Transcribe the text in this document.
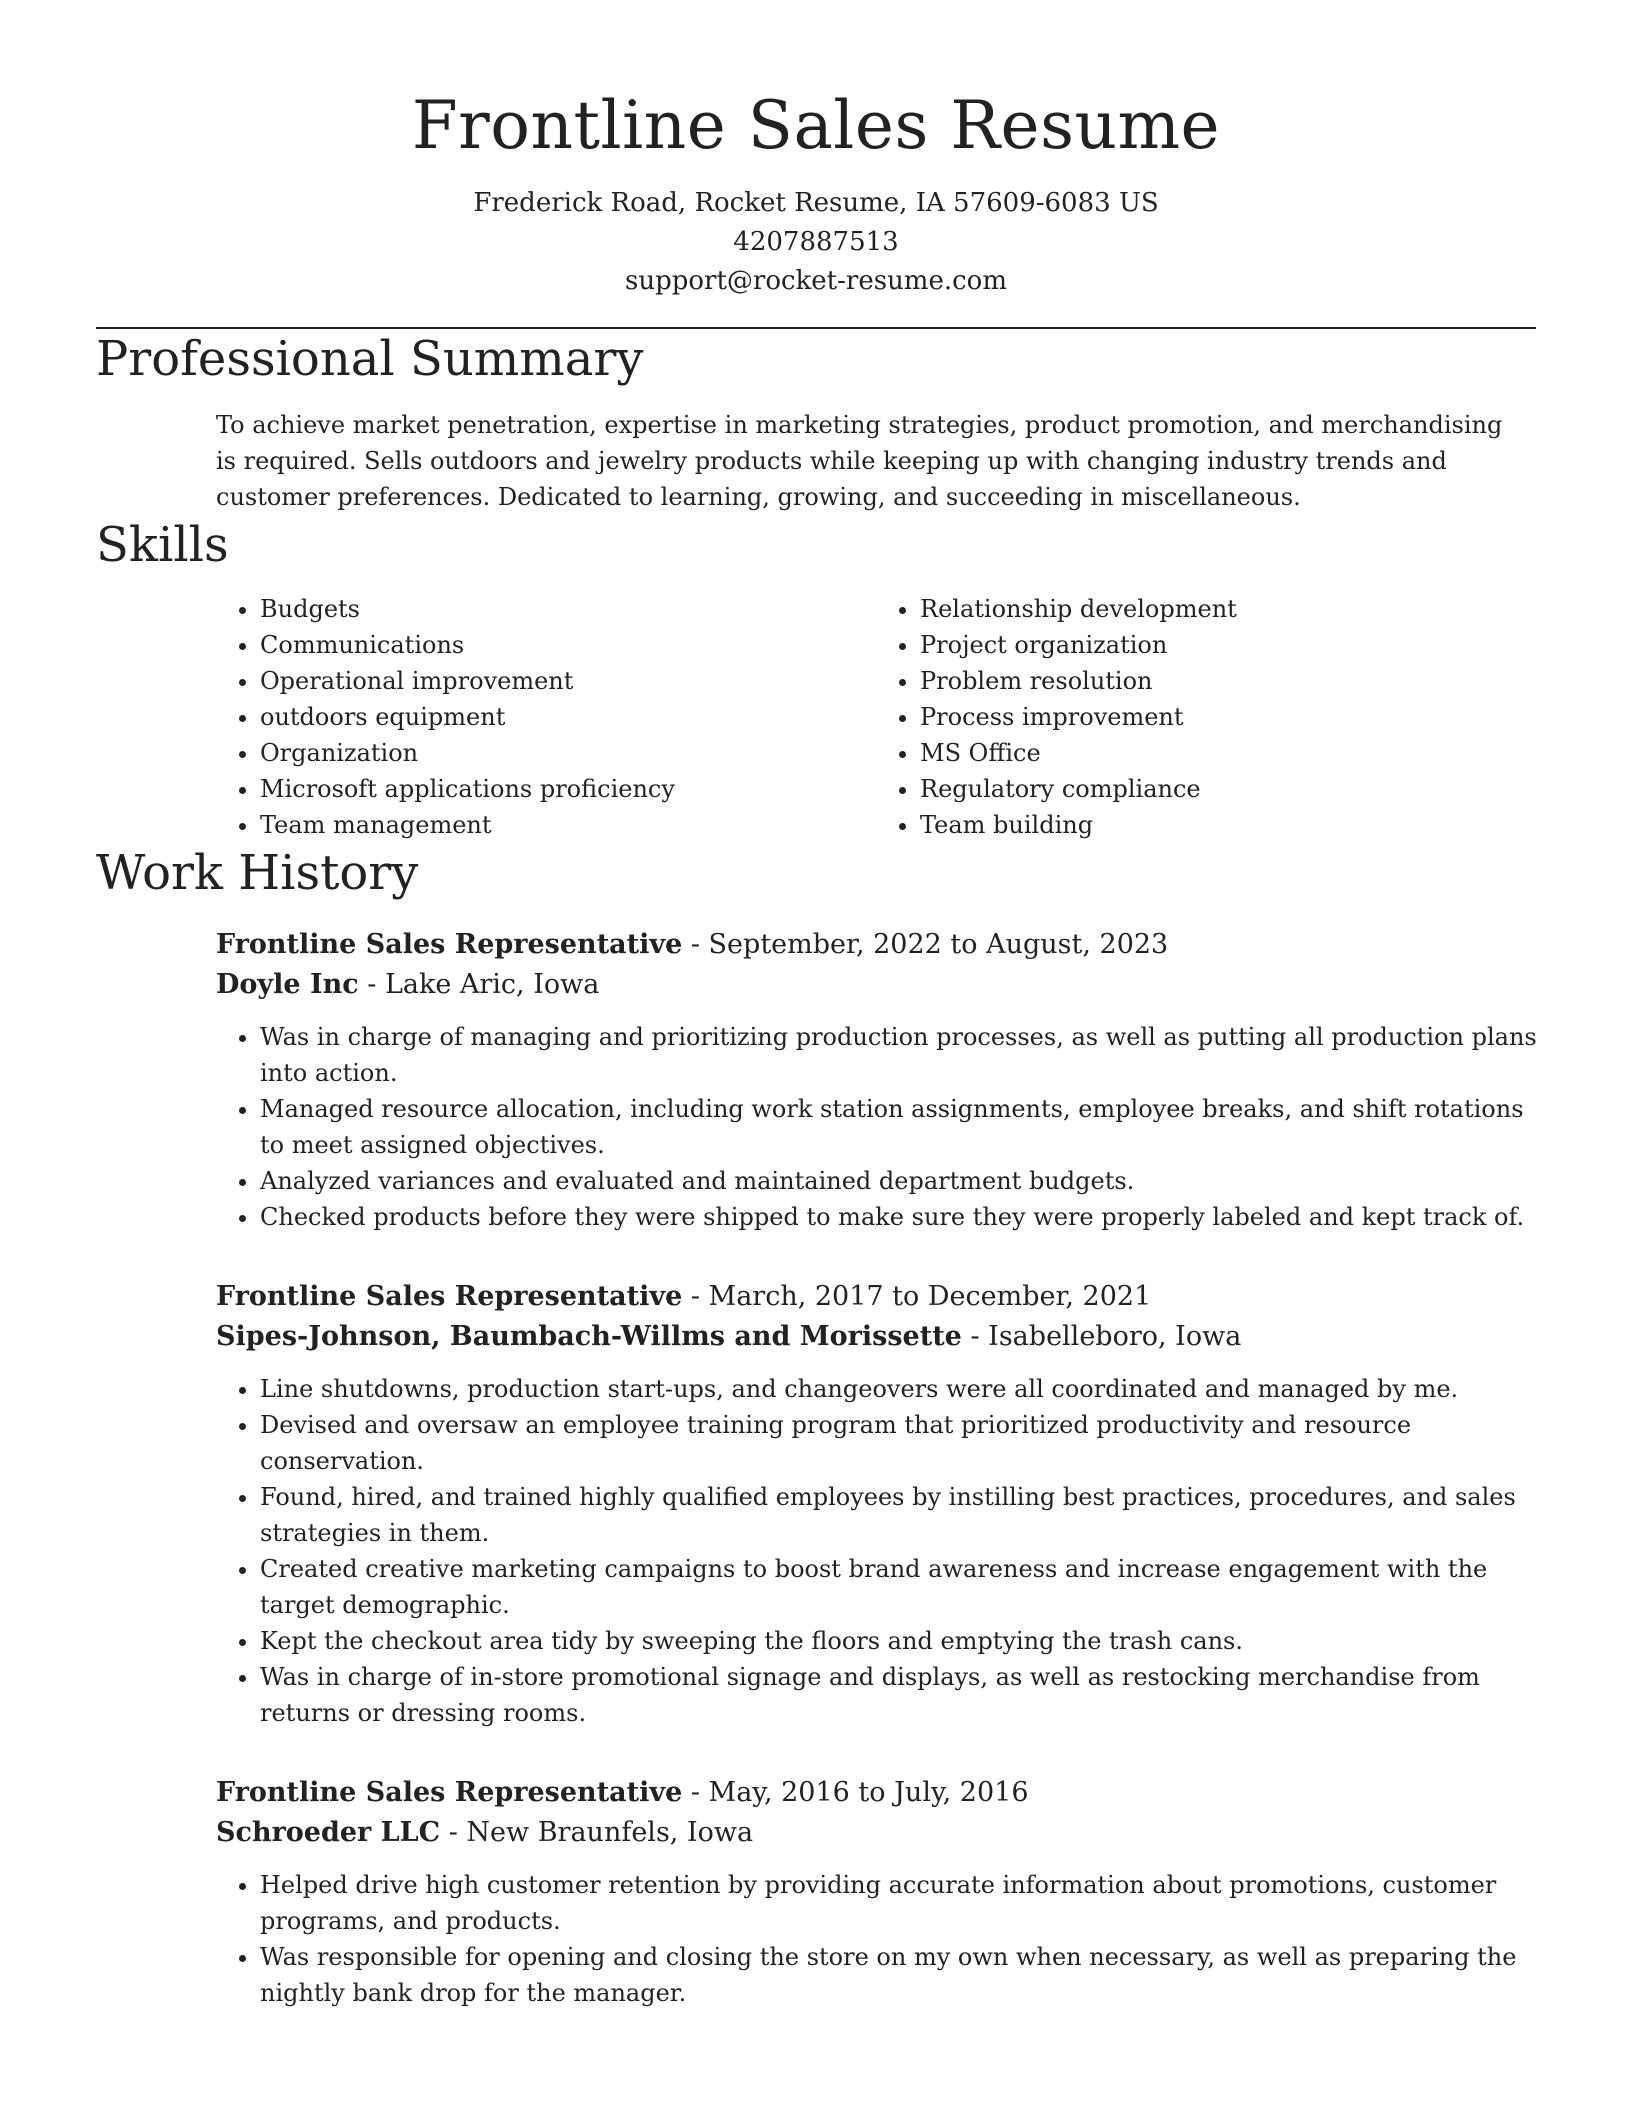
Frontline Sales Resume
Frederick Road, Rocket Resume, IA 57609-6083 US
4207887513
support@rocket-resume.com
Professional Summary

To achieve market penetration, expertise in marketing strategies, product promotion, and merchandising is required. Sells outdoors and jewelry products while keeping up with changing industry trends and customer preferences. Dedicated to learning, growing, and succeeding in miscellaneous.

Skills
• Budgets
• Communications
• Operational improvement
• outdoors equipment
• Organization
• Microsoft applications proficiency
• Team management
• Relationship development
• Project organization
• Problem resolution
• Process improvement
• MS Office
• Regulatory compliance
• Team building
Work History
Frontline Sales Representative - September, 2022 to August, 2023
Doyle Inc - Lake Aric, Iowa
• Was in charge of managing and prioritizing production processes, as well as putting all production plans into action.
• Managed resource allocation, including work station assignments, employee breaks, and shift rotations to meet assigned objectives.
• Analyzed variances and evaluated and maintained department budgets.
• Checked products before they were shipped to make sure they were properly labeled and kept track of.
Frontline Sales Representative - March, 2017 to December, 2021
Sipes-Johnson, Baumbach-Willms and Morissette - Isabelleboro, Iowa
• Line shutdowns, production start-ups, and changeovers were all coordinated and managed by me.
• Devised and oversaw an employee training program that prioritized productivity and resource conservation.
• Found, hired, and trained highly qualified employees by instilling best practices, procedures, and sales strategies in them.
• Created creative marketing campaigns to boost brand awareness and increase engagement with the target demographic.
• Kept the checkout area tidy by sweeping the floors and emptying the trash cans.
• Was in charge of in-store promotional signage and displays, as well as restocking merchandise from returns or dressing rooms.
Frontline Sales Representative - May, 2016 to July, 2016
Schroeder LLC - New Braunfels, Iowa
• Helped drive high customer retention by providing accurate information about promotions, customer programs, and products.
• Was responsible for opening and closing the store on my own when necessary, as well as preparing the nightly bank drop for the manager.
